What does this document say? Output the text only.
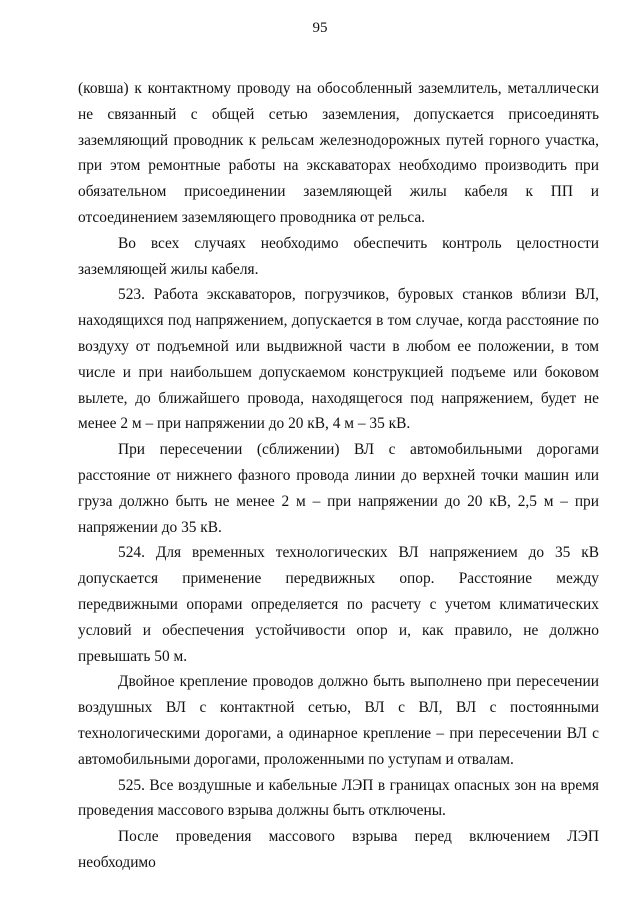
95

(ковша) к контактному проводу на обособленный заземлитель, металлически не связанный с общей сетью заземления, допускается присоединять заземляющий проводник к рельсам железнодорожных путей горного участка, при этом ремонтные работы на экскаваторах необходимо производить при обязательном присоединении заземляющей жилы кабеля к ПП и отсоединением заземляющего проводника от рельса.

Во всех случаях необходимо обеспечить контроль целостности заземляющей жилы кабеля.

523. Работа экскаваторов, погрузчиков, буровых станков вблизи ВЛ, находящихся под напряжением, допускается в том случае, когда расстояние по воздуху от подъемной или выдвижной части в любом ее положении, в том числе и при наибольшем допускаемом конструкцией подъеме или боковом вылете, до ближайшего провода, находящегося под напряжением, будет не менее 2 м – при напряжении до 20 кВ, 4 м – 35 кВ.

При пересечении (сближении) ВЛ с автомобильными дорогами расстояние от нижнего фазного провода линии до верхней точки машин или груза должно быть не менее 2 м – при напряжении до 20 кВ, 2,5 м – при напряжении до 35 кВ.

524. Для временных технологических ВЛ напряжением до 35 кВ допускается применение передвижных опор. Расстояние между передвижными опорами определяется по расчету с учетом климатических условий и обеспечения устойчивости опор и, как правило, не должно превышать 50 м.

Двойное крепление проводов должно быть выполнено при пересечении воздушных ВЛ с контактной сетью, ВЛ с ВЛ, ВЛ с постоянными технологическими дорогами, а одинарное крепление – при пересечении ВЛ с автомобильными дорогами, проложенными по уступам и отвалам.

525. Все воздушные и кабельные ЛЭП в границах опасных зон на время проведения массового взрыва должны быть отключены.

После проведения массового взрыва перед включением ЛЭП необходимо
